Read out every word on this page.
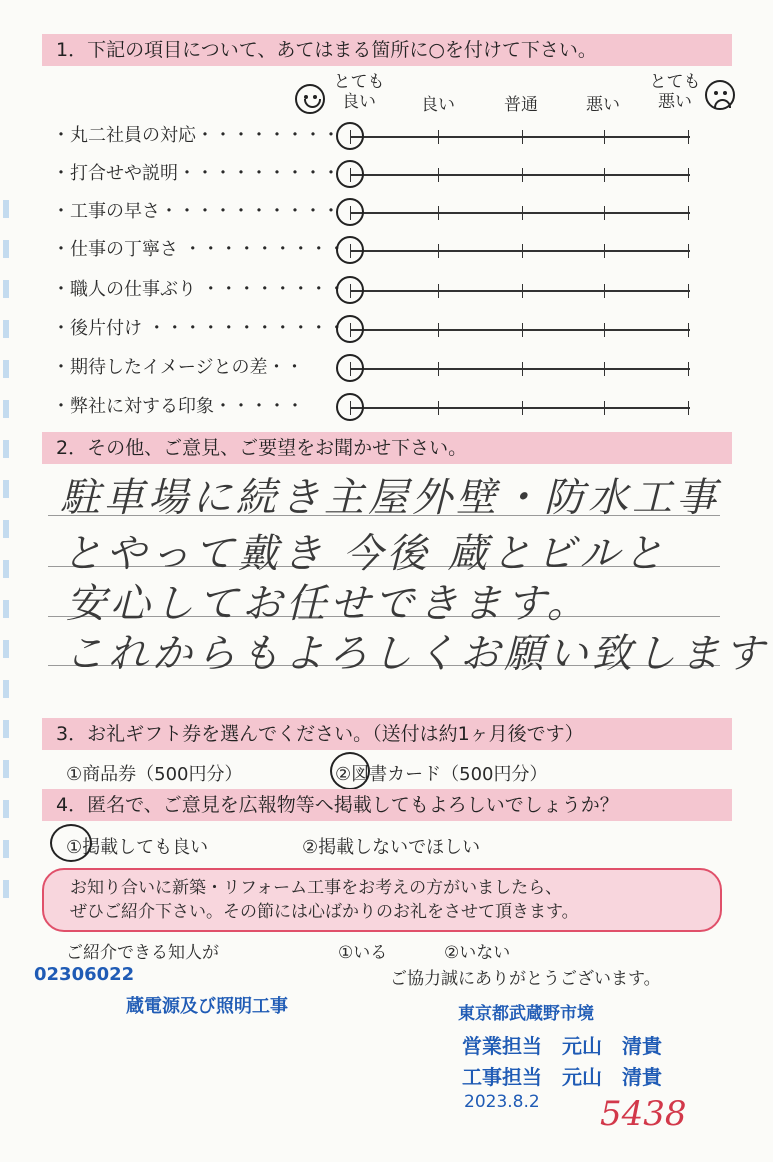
1．下記の項目について、あてはまる箇所に○を付けて下さい。
とても
良い	良い	普通	悪い
とても
悪い
・丸二社員の対応・・・・・・・・
・打合せや説明・・・・・・・・・
・工事の早さ・・・・・・・・・・
・仕事の丁寧さ ・・・・・・・・・
・職人の仕事ぶり ・・・・・・・・
・後片付け ・・・・・・・・・・・
・期待したイメージとの差・・
・弊社に対する印象・・・・・
2．その他、ご意見、ご要望をお聞かせ下さい。
駐車場に続き主屋外壁・防水工事
とやって戴き 今後 蔵とビルと
安心してお任せできます。
これからもよろしくお願い致します
3．お礼ギフト券を選んでください。（送付は約1ヶ月後です）
①商品券（500円分）	②図書カード（500円分）
4．匿名で、ご意見を広報物等へ掲載してもよろしいでしょうか？
①掲載しても良い	②掲載しないでほしい
お知り合いに新築・リフォーム工事をお考えの方がいましたら、
ぜひご紹介下さい。その節には心ばかりのお礼をさせて頂きます。
ご紹介できる知人が	①いる	②いない
ご協力誠にありがとうございます。
02306022
蔵電源及び照明工事	東京都武蔵野市境
営業担当　元山　清貴
工事担当　元山　清貴
2023.8.2 5438
